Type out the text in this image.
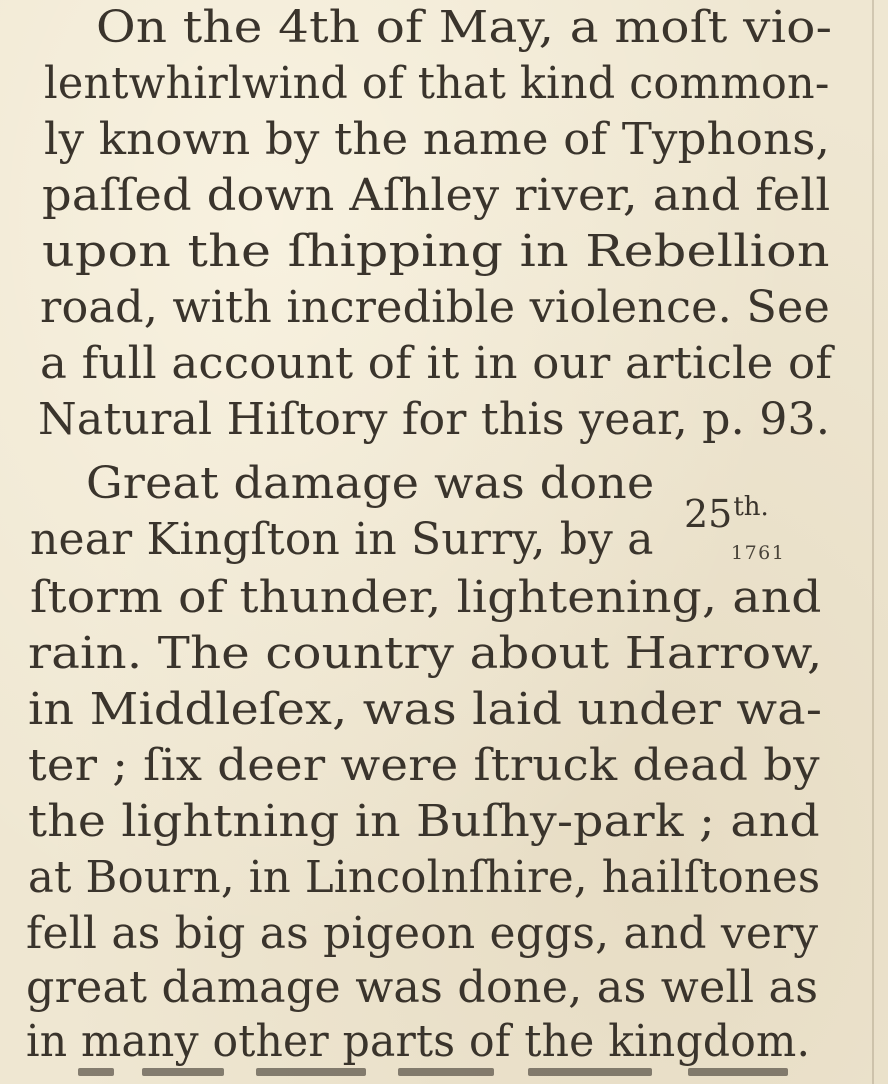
On the 4th of May, a moſt vio-
lentwhirlwind of that kind common-
ly known by the name of Typhons,
paſſed down Aſhley river, and fell
upon the ſhipping in Rebellion
road, with incredible violence. See
a full account of it in our article of
Natural Hiſtory for this year, p. 93.
Great damage was done
$25^{th.}$
near Kingſton in Surry, by a	1761
ſtorm of thunder, lightening, and
rain. The country about Harrow,
in Middleſex, was laid under wa-
ter ; ſix deer were ſtruck dead by
the lightning in Buſhy-park ; and
at Bourn, in Lincolnſhire, hailſtones
fell as big as pigeon eggs, and very
great damage was done, as well as
in many other parts of the kingdom.
